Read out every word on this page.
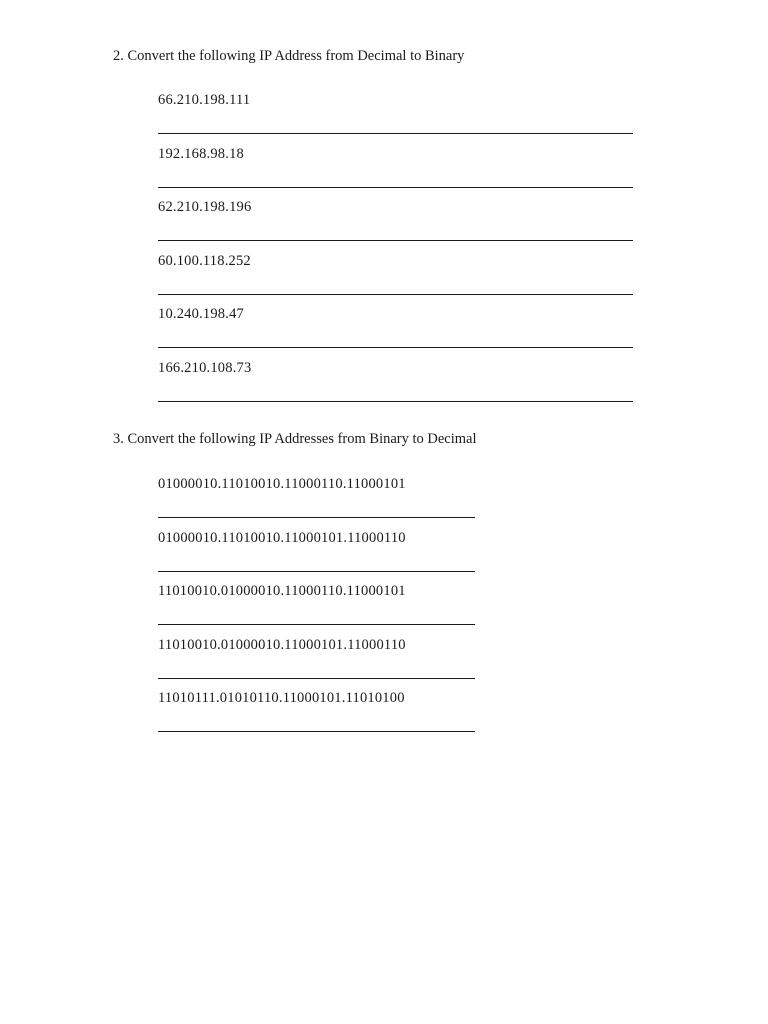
2. Convert the following IP Address from Decimal to Binary
66.210.198.111
192.168.98.18
62.210.198.196
60.100.118.252
10.240.198.47
166.210.108.73
3. Convert the following IP Addresses from Binary to Decimal
01000010.11010010.11000110.11000101
01000010.11010010.11000101.11000110
11010010.01000010.11000110.11000101
11010010.01000010.11000101.11000110
11010111.01010110.11000101.11010100
